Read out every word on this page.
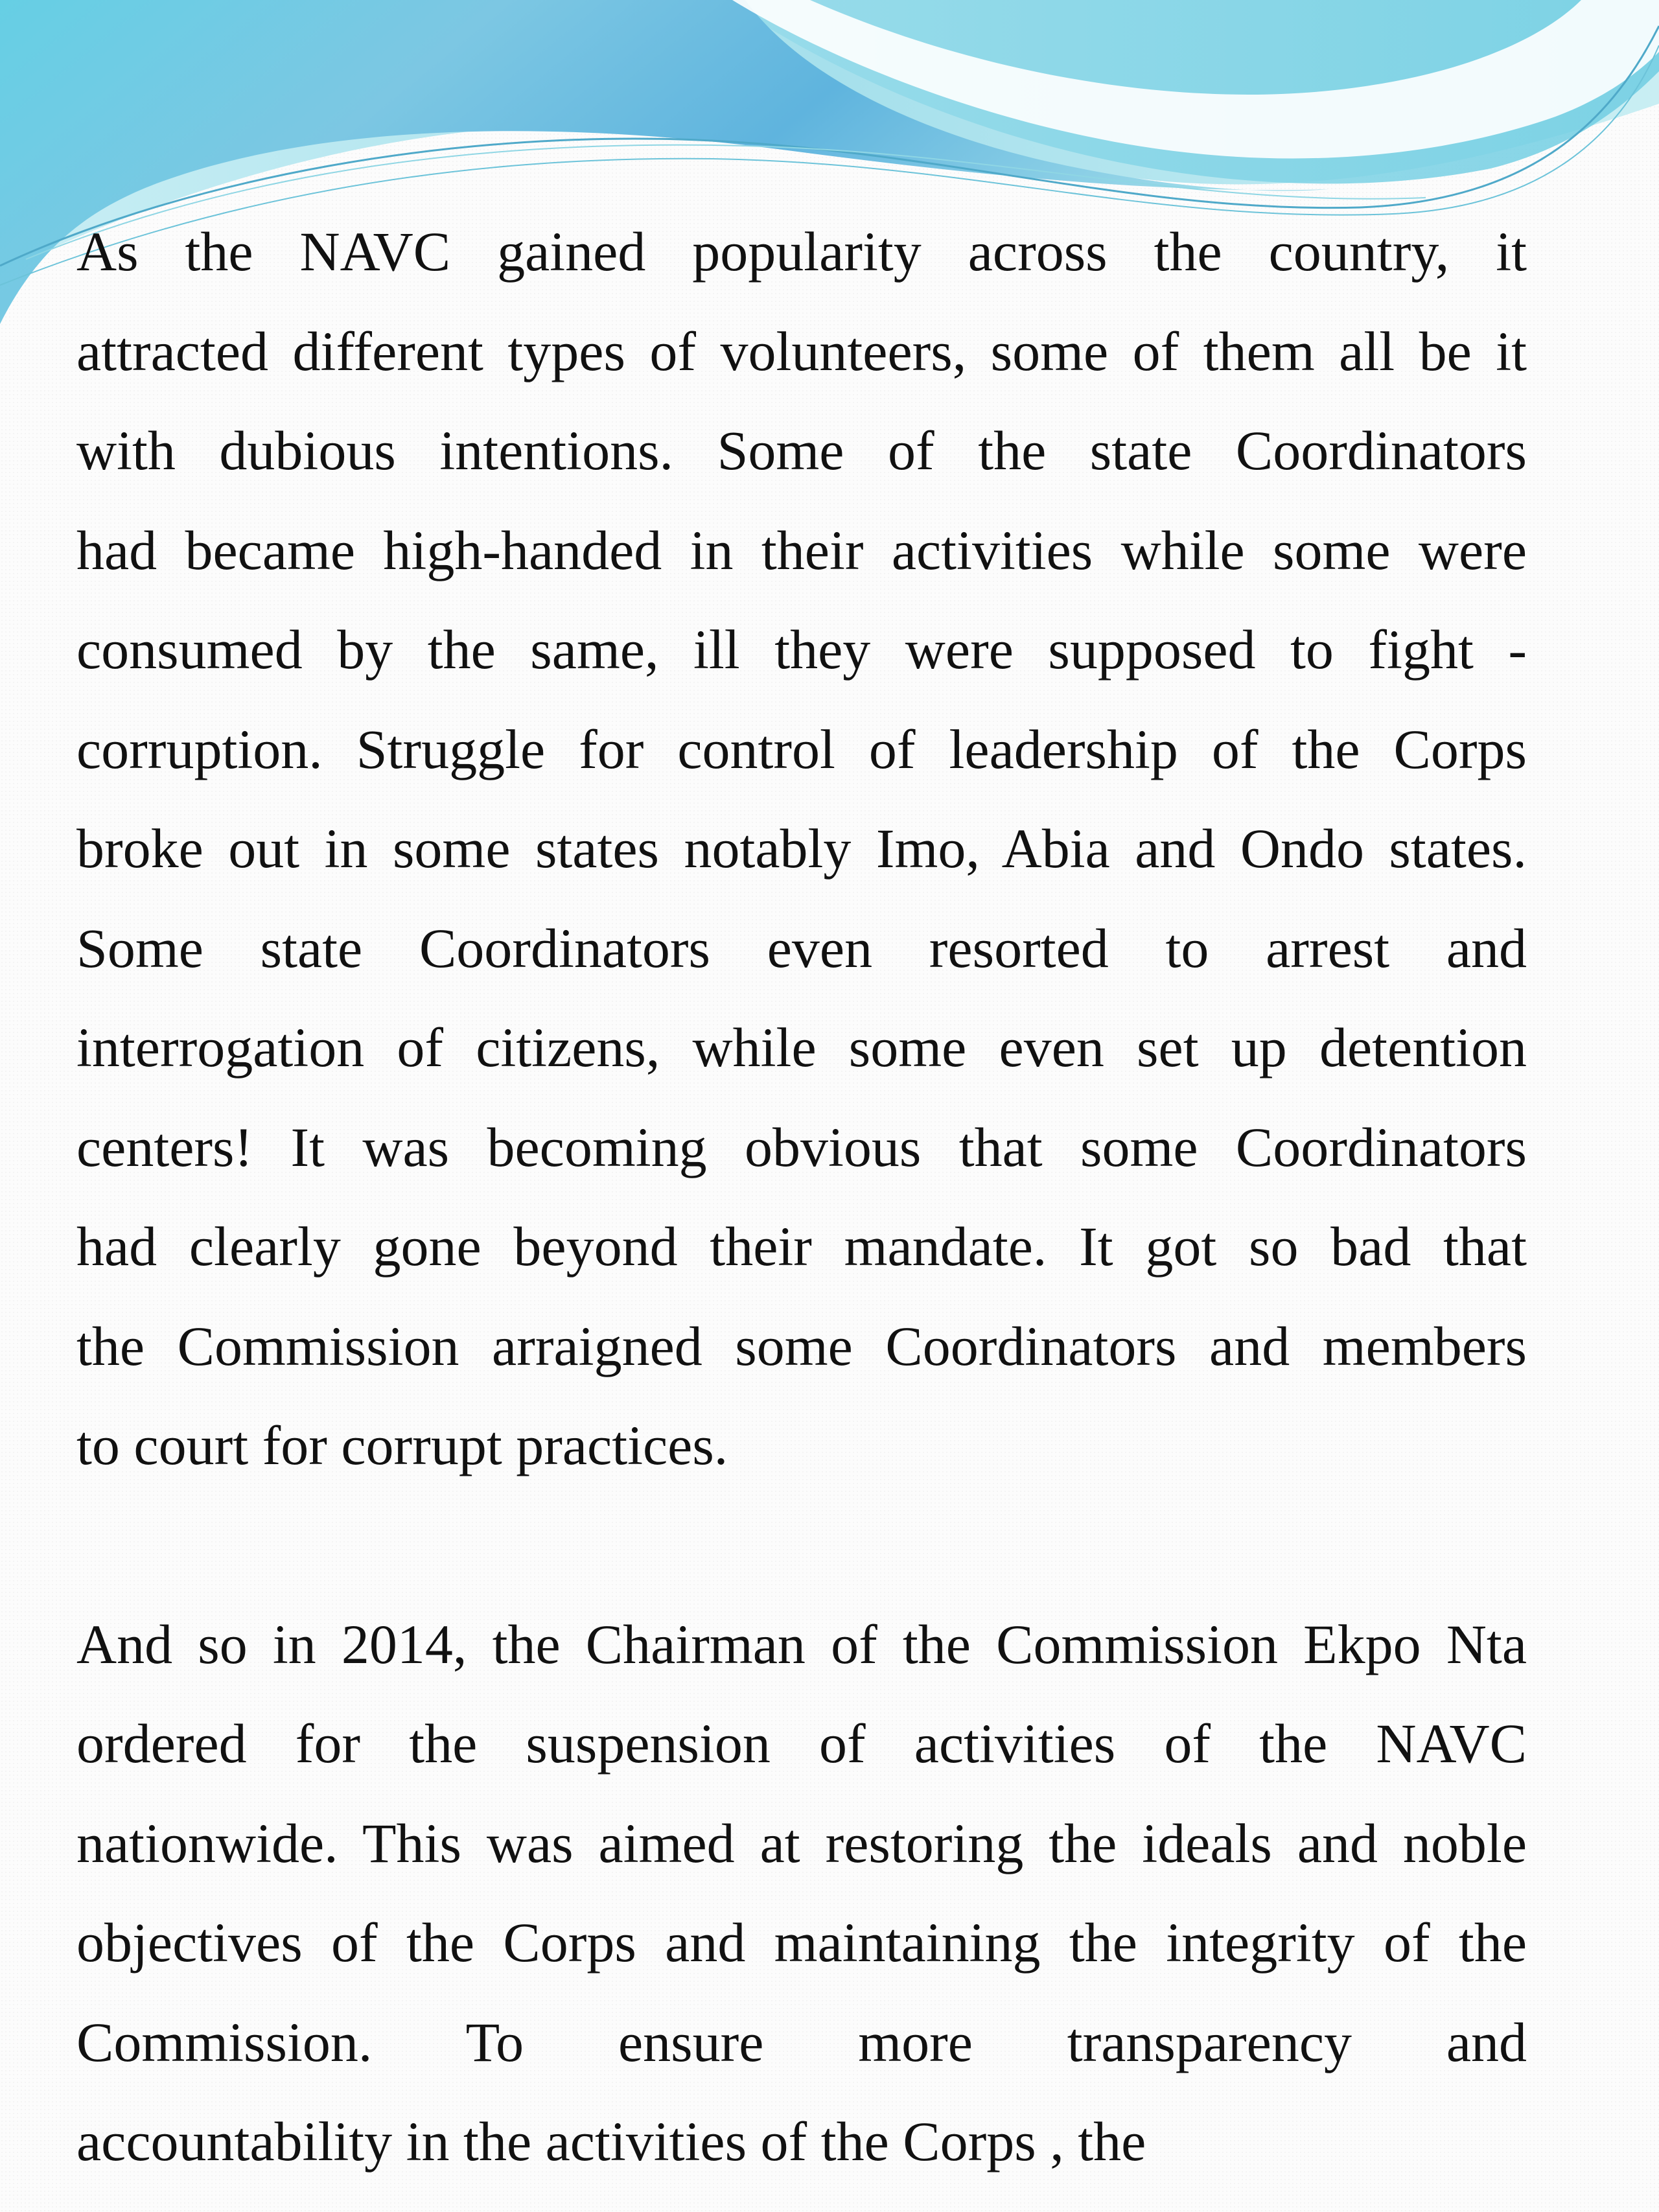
As the NAVC gained popularity across the country, it
attracted different types of volunteers, some of them all be it
with dubious intentions. Some of the state Coordinators
had became high-handed in their activities while some were
consumed by the same, ill they were supposed to fight -
corruption. Struggle for control of leadership of the Corps
broke out in some states notably Imo, Abia and Ondo states.
Some state Coordinators even resorted to arrest and
interrogation of citizens, while some even set up detention
centers! It was becoming obvious that some Coordinators
had clearly gone beyond their mandate. It got so bad that
the Commission arraigned some Coordinators and members
to court for corrupt practices.

And so in 2014, the Chairman of the Commission Ekpo Nta
ordered for the suspension of activities of the NAVC
nationwide. This was aimed at restoring the ideals and noble
objectives of the Corps and maintaining the integrity of the
Commission. To ensure more transparency and
accountability in the activities of the Corps , the
